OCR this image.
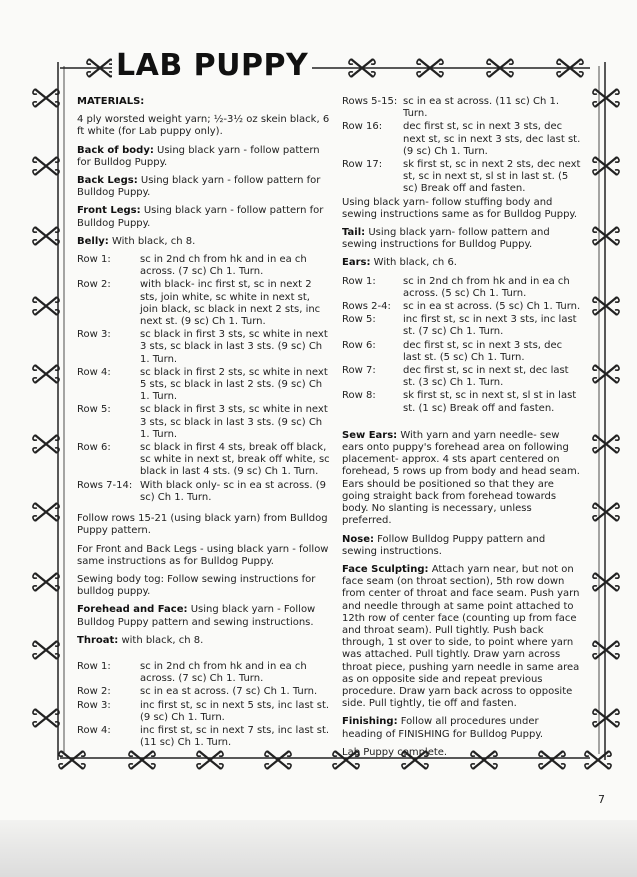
LAB PUPPY
MATERIALS:
4 ply worsted weight yarn; ½-3½ oz skein black, 6 ft white (for Lab puppy only).
Back of body: Using black yarn - follow pattern for Bulldog Puppy.
Back Legs: Using black yarn - follow pattern for Bulldog Puppy.
Front Legs: Using black yarn - follow pattern for Bulldog Puppy.
Belly: With black, ch 8.
Row 1:	sc in 2nd ch from hk and in ea ch across. (7 sc) Ch 1. Turn.
Row 2:	with black- inc first st, sc in next 2 sts, join white, sc white in next st, join black, sc black in next 2 sts, inc next st. (9 sc) Ch 1. Turn.
Row 3:	sc black in first 3 sts, sc white in next 3 sts, sc black in last 3 sts. (9 sc) Ch 1. Turn.
Row 4:	sc black in first 2 sts, sc white in next 5 sts, sc black in last 2 sts. (9 sc) Ch 1. Turn.
Row 5:	sc black in first 3 sts, sc white in next 3 sts, sc black in last 3 sts. (9 sc) Ch 1. Turn.
Row 6:	sc black in first 4 sts, break off black, sc white in next st, break off white, sc black in last 4 sts. (9 sc) Ch 1. Turn.
Rows 7-14: With black only- sc in ea st across. (9 sc) Ch 1. Turn.
Follow rows 15-21 (using black yarn) from Bulldog Puppy pattern.
For Front and Back Legs - using black yarn - follow same instructions as for Bulldog Puppy.
Sewing body tog: Follow sewing instructions for bulldog puppy.
Forehead and Face: Using black yarn - Follow Bulldog Puppy pattern and sewing instructions.
Throat: with black, ch 8.
Row 1:	sc in 2nd ch from hk and in ea ch across. (7 sc) Ch 1. Turn.
Row 2:	sc in ea st across. (7 sc) Ch 1. Turn.
Row 3:	inc first st, sc in next 5 sts, inc last st. (9 sc) Ch 1. Turn.
Row 4:	inc first st, sc in next 7 sts, inc last st. (11 sc) Ch 1. Turn.
Rows 5-15: sc in ea st across. (11 sc) Ch 1. Turn.
Row 16:	dec first st, sc in next 3 sts, dec next st, sc in next 3 sts, dec last st. (9 sc) Ch 1. Turn.
Row 17:	sk first st, sc in next 2 sts, dec next st, sc in next st, sl st in last st. (5 sc) Break off and fasten.
Using black yarn- follow stuffing body and sewing instructions same as for Bulldog Puppy.
Tail: Using black yarn- follow pattern and sewing instructions for Bulldog Puppy.
Ears: With black, ch 6.
Row 1:	sc in 2nd ch from hk and in ea ch across. (5 sc) Ch 1. Turn.
Rows 2-4:	sc in ea st across. (5 sc) Ch 1. Turn.
Row 5:	inc first st, sc in next 3 sts, inc last st. (7 sc) Ch 1. Turn.
Row 6:	dec first st, sc in next 3 sts, dec last st. (5 sc) Ch 1. Turn.
Row 7:	dec first st, sc in next st, dec last st. (3 sc) Ch 1. Turn.
Row 8:	sk first st, sc in next st, sl st in last st. (1 sc) Break off and fasten.
Sew Ears: With yarn and yarn needle- sew ears onto puppy's forehead area on following placement- approx. 4 sts apart centered on forehead, 5 rows up from body and head seam. Ears should be positioned so that they are going straight back from forehead towards body. No slanting is necessary, unless preferred.
Nose: Follow Bulldog Puppy pattern and sewing instructions.
Face Sculpting: Attach yarn near, but not on face seam (on throat section), 5th row down from center of throat and face seam. Push yarn and needle through at same point attached to 12th row of center face (counting up from face and throat seam). Pull tightly. Push back through, 1 st over to side, to point where yarn was attached. Pull tightly. Draw yarn across throat piece, pushing yarn needle in same area as on opposite side and repeat previous procedure. Draw yarn back across to opposite side. Pull tightly, tie off and fasten.
Finishing: Follow all procedures under heading of FINISHING for Bulldog Puppy.
Lab Puppy complete.
7
